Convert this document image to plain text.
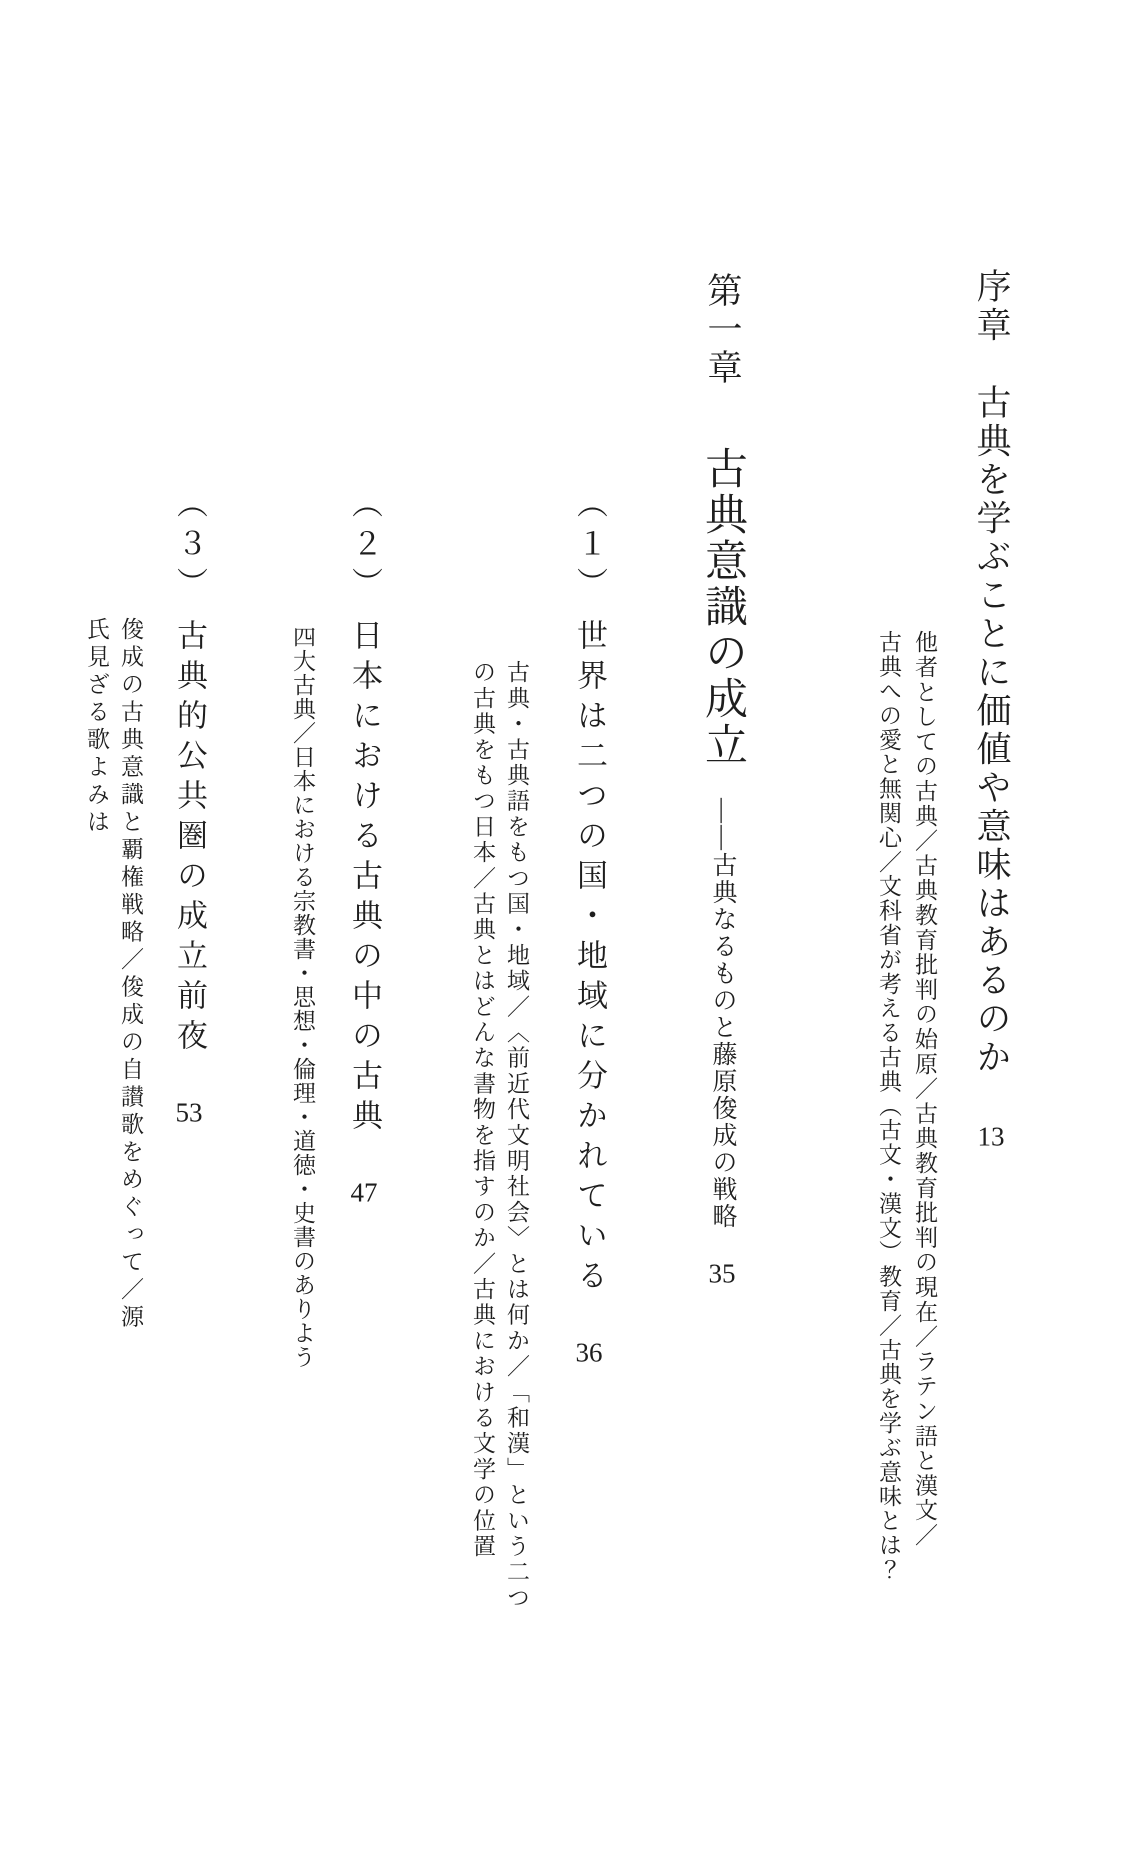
序章古典を学ぶことに価値や意味はあるのか13
他者としての古典／古典教育批判の始原／古典教育批判の現在／ラテン語と漢文／
古典への愛と無関心／文科省が考える古典（古文・漢文）教育／古典を学ぶ意味とは？
第一章古典意識の成立――古典なるものと藤原俊成の戦略35
（１）世界は二つの国・地域に分かれている36
古典・古典語をもつ国・地域／〈前近代文明社会〉とは何か／「和漢」という二つ
の古典をもつ日本／古典とはどんな書物を指すのか／古典における文学の位置
（２）日本における古典の中の古典47
四大古典／日本における宗教書・思想・倫理・道徳・史書のありよう
（３）古典的公共圏の成立前夜53
俊成の古典意識と覇権戦略／俊成の自讃歌をめぐって／源
氏見ざる歌よみは
